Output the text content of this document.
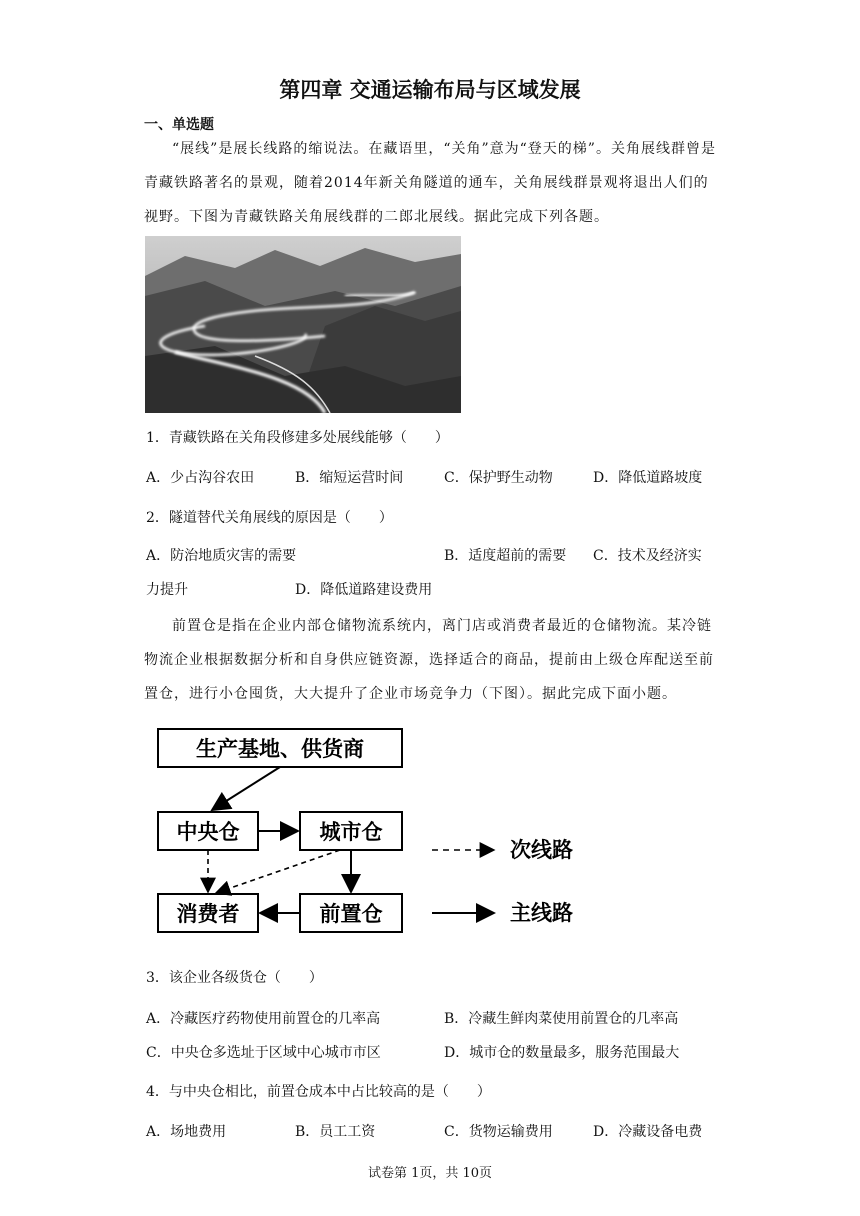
第四章 交通运输布局与区域发展
一、单选题
“展线”是展长线路的缩说法。在藏语里，“关角”意为“登天的梯”。关角展线群曾是青藏铁路著名的景观，随着2014年新关角隧道的通车，关角展线群景观将退出人们的视野。下图为青藏铁路关角展线群的二郎北展线。据此完成下列各题。
1．青藏铁路在关角段修建多处展线能够（　　）
A．少占沟谷农田	B．缩短运营时间	C．保护野生动物	D．降低道路坡度
2．隧道替代关角展线的原因是（　　）
A．防治地质灾害的需要	B．适度超前的需要 C．技术及经济实
力提升	D．降低道路建设费用
前置仓是指在企业内部仓储物流系统内，离门店或消费者最近的仓储物流。某冷链物流企业根据数据分析和自身供应链资源，选择适合的商品，提前由上级仓库配送至前置仓，进行小仓囤货，大大提升了企业市场竞争力（下图）。据此完成下面小题。
生产基地、供货商
中央仓	城市仓
消费者	前置仓
次线路
主线路
3．该企业各级货仓（　　）
A．冷藏医疗药物使用前置仓的几率高	B．冷藏生鲜肉菜使用前置仓的几率高
C．中央仓多选址于区域中心城市市区	D．城市仓的数量最多，服务范围最大
4．与中央仓相比，前置仓成本中占比较高的是（　　）
A．场地费用	B．员工工资	C．货物运输费用	D．冷藏设备电费
试卷第 1页，共 10页
